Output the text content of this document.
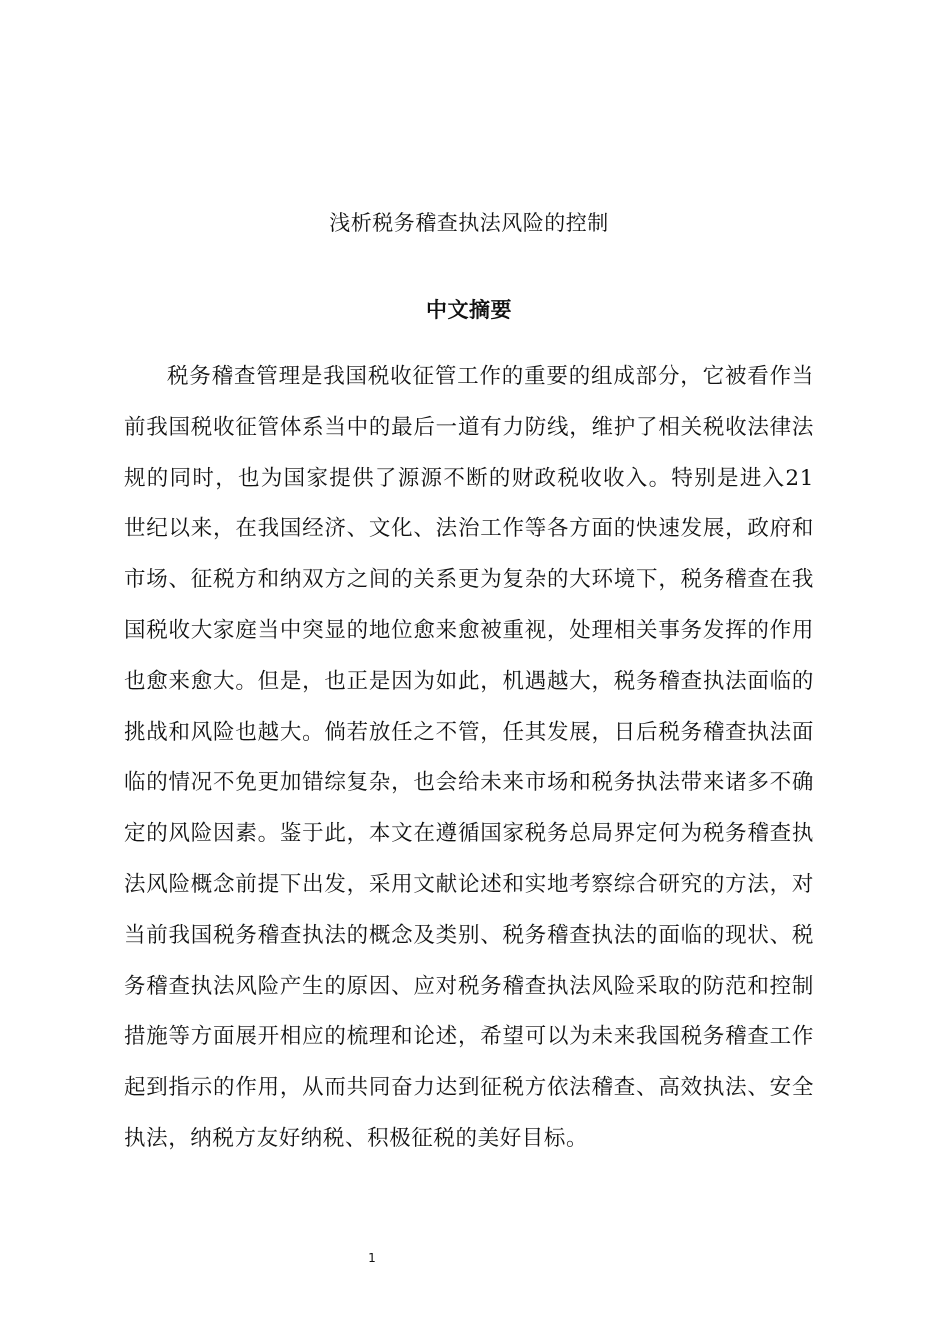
浅析税务稽查执法风险的控制
中文摘要

税务稽查管理是我国税收征管工作的重要的组成部分，它被看作当前我国税收征管体系当中的最后一道有力防线，维护了相关税收法律法规的同时，也为国家提供了源源不断的财政税收收入。特别是进入21世纪以来，在我国经济、文化、法治工作等各方面的快速发展，政府和市场、征税方和纳双方之间的关系更为复杂的大环境下，税务稽查在我国税收大家庭当中突显的地位愈来愈被重视，处理相关事务发挥的作用也愈来愈大。但是，也正是因为如此，机遇越大，税务稽查执法面临的挑战和风险也越大。倘若放任之不管，任其发展，日后税务稽查执法面临的情况不免更加错综复杂，也会给未来市场和税务执法带来诸多不确定的风险因素。鉴于此，本文在遵循国家税务总局界定何为税务稽查执法风险概念前提下出发，采用文献论述和实地考察综合研究的方法，对当前我国税务稽查执法的概念及类别、税务稽查执法的面临的现状、税务稽查执法风险产生的原因、应对税务稽查执法风险采取的防范和控制措施等方面展开相应的梳理和论述，希望可以为未来我国税务稽查工作起到指示的作用，从而共同奋力达到征税方依法稽查、高效执法、安全执法，纳税方友好纳税、积极征税的美好目标。

1
